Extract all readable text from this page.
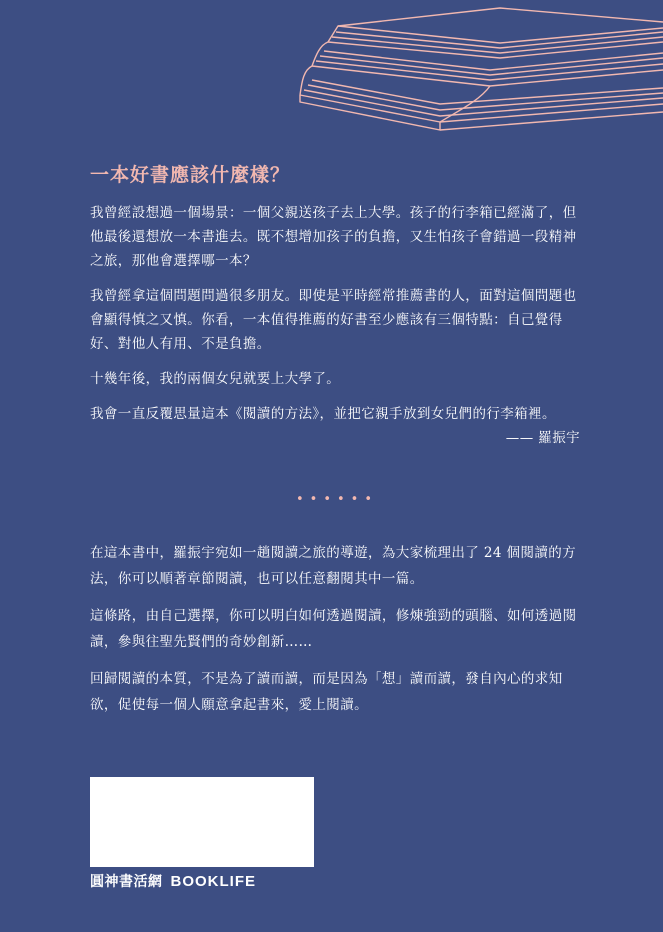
一本好書應該什麼樣？

我曾經設想過一個場景：一個父親送孩子去上大學。孩子的行李箱已經滿了，但他最後還想放一本書進去。既不想增加孩子的負擔，又生怕孩子會錯過一段精神之旅，那他會選擇哪一本？

我曾經拿這個問題問過很多朋友。即使是平時經常推薦書的人，面對這個問題也會顯得慎之又慎。你看，一本值得推薦的好書至少應該有三個特點：自己覺得好、對他人有用、不是負擔。

十幾年後，我的兩個女兒就要上大學了。

我會一直反覆思量這本《閱讀的方法》，並把它親手放到女兒們的行李箱裡。

—— 羅振宇
••••••

在這本書中，羅振宇宛如一趟閱讀之旅的導遊，為大家梳理出了 24 個閱讀的方法，你可以順著章節閱讀，也可以任意翻閱其中一篇。

這條路，由自己選擇，你可以明白如何透過閱讀，修煉強勁的頭腦、如何透過閱讀，參與往聖先賢們的奇妙創新……

回歸閱讀的本質，不是為了讀而讀，而是因為「想」讀而讀，發自內心的求知欲，促使每一個人願意拿起書來，愛上閱讀。

圓神書活網 BOOKLIFE
